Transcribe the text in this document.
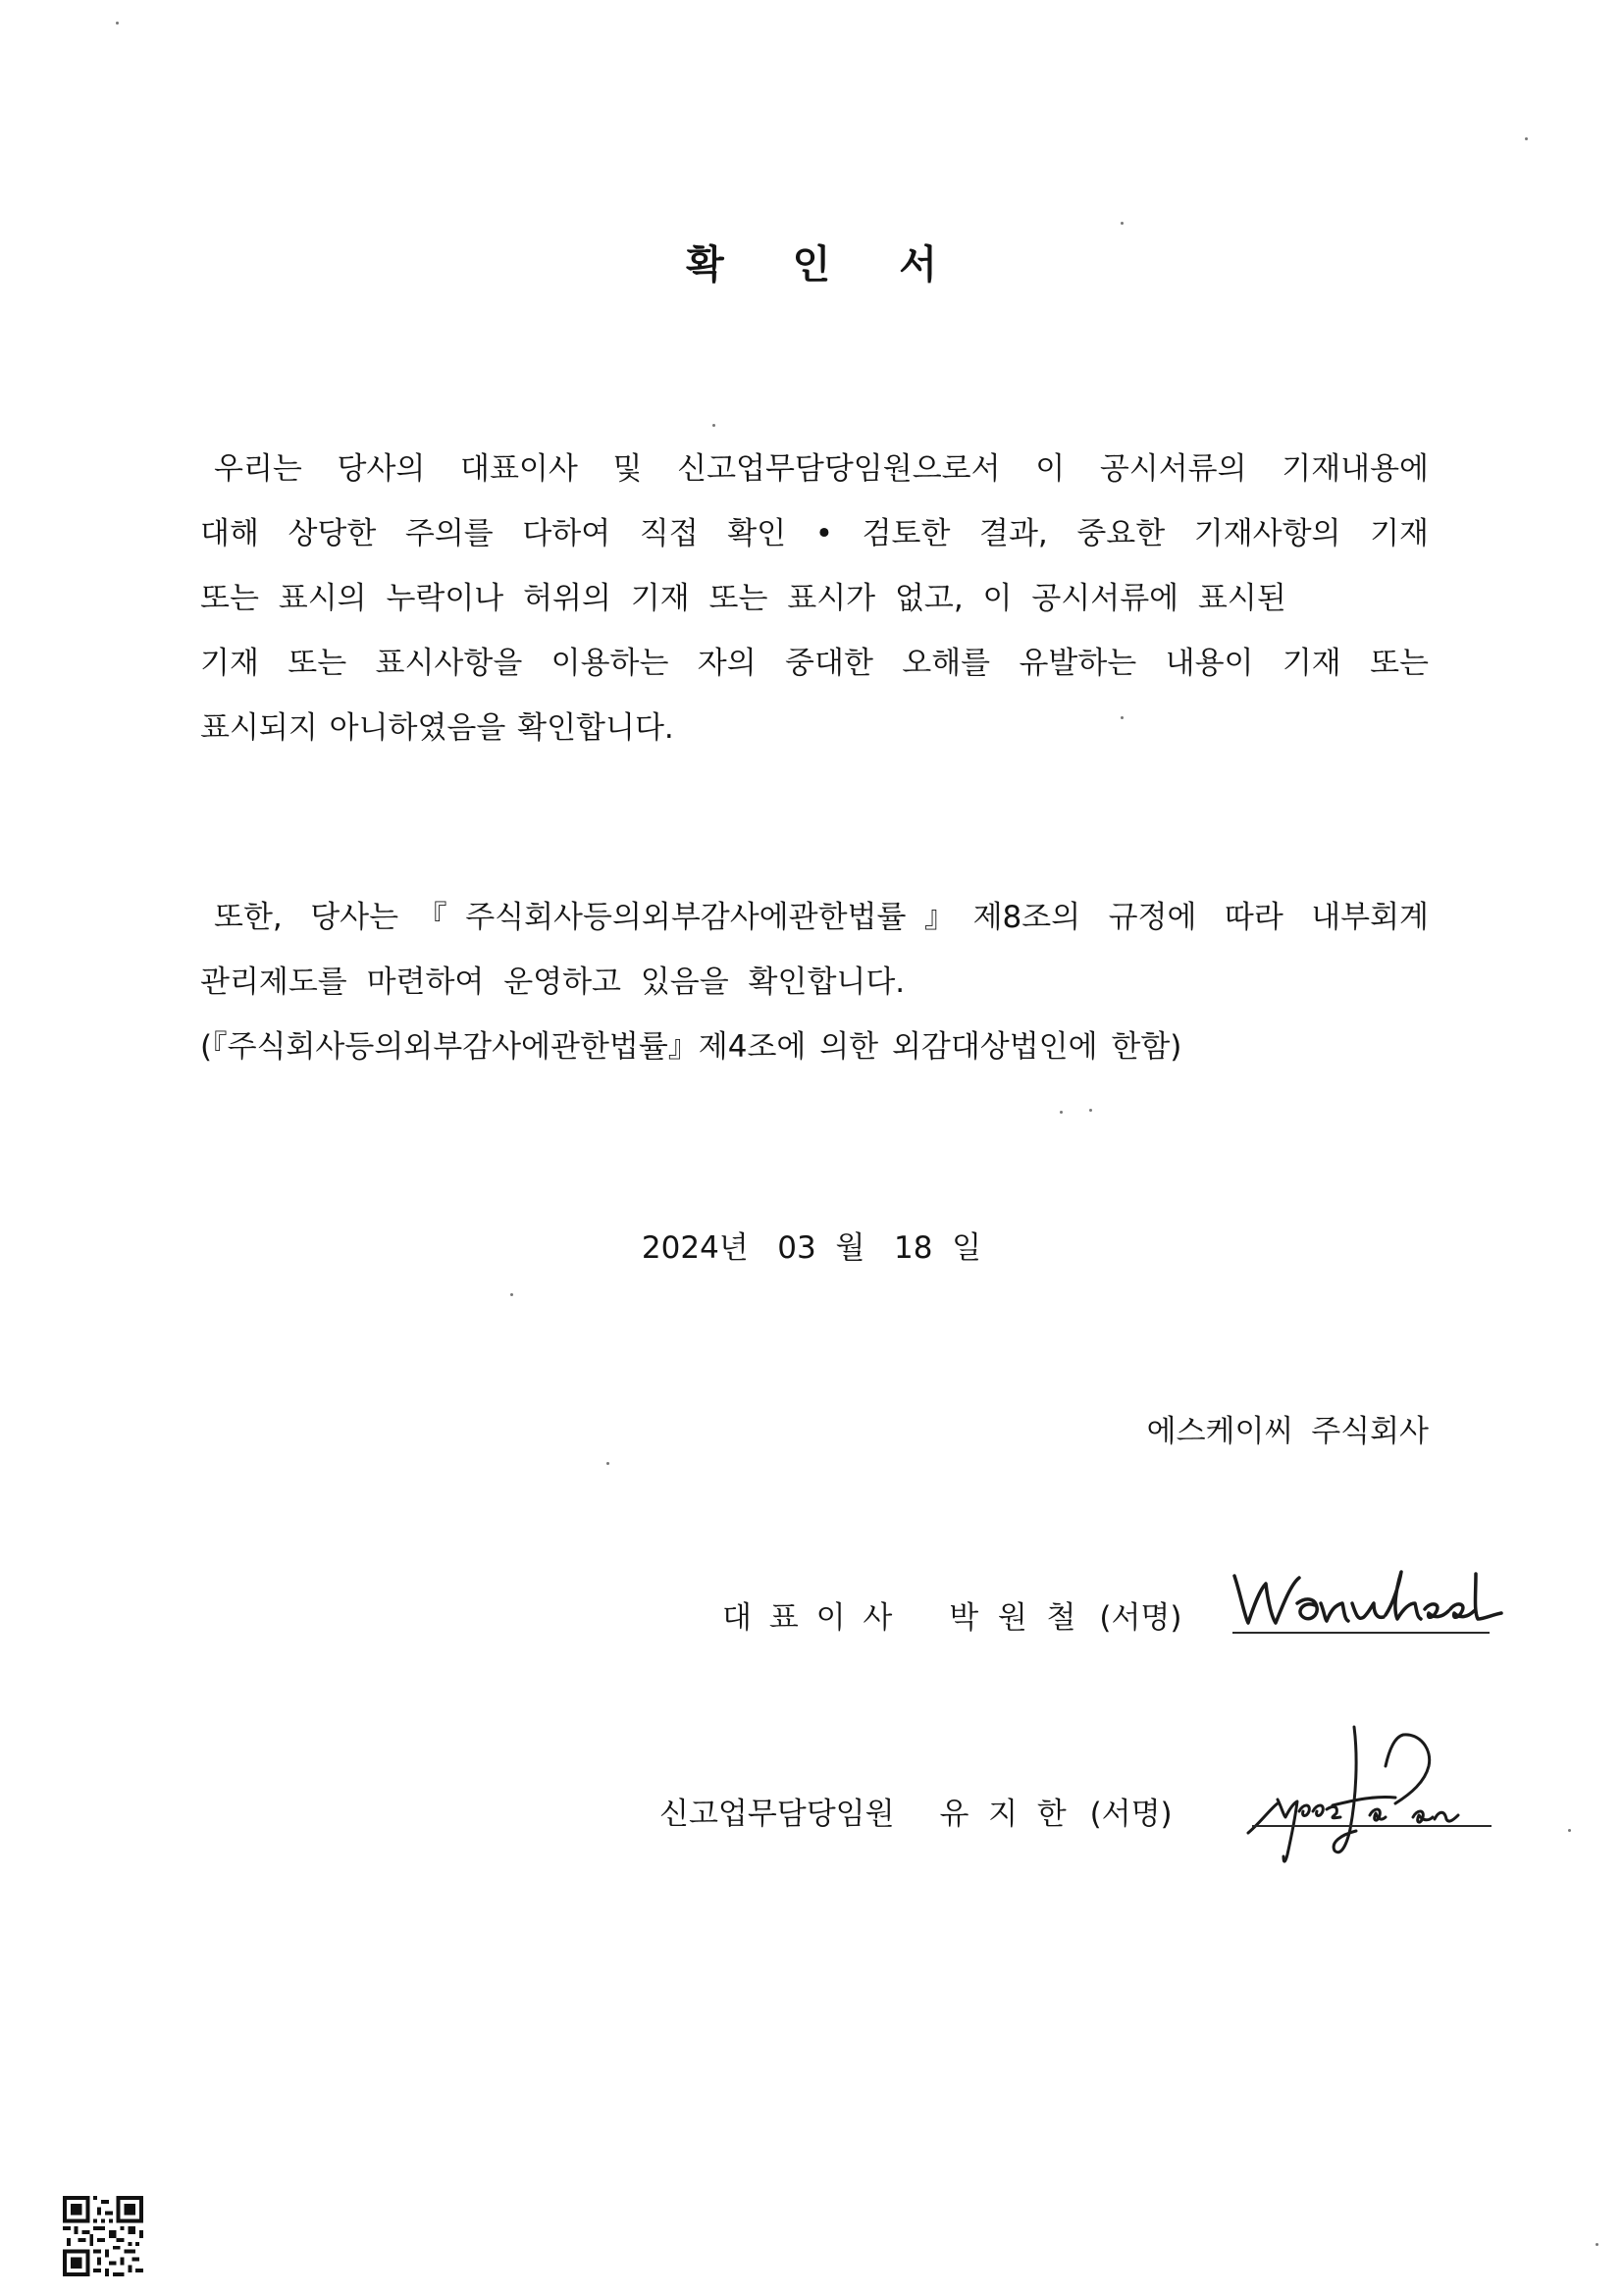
확 인 서
우리는 당사의 대표이사 및 신고업무담당임원으로서 이 공시서류의 기재내용에
대해 상당한 주의를 다하여 직접 확인 • 검토한 결과, 중요한 기재사항의 기재
또는 표시의 누락이나 허위의 기재 또는 표시가 없고, 이 공시서류에 표시된
기재 또는 표시사항을 이용하는 자의 중대한 오해를 유발하는 내용이 기재 또는
표시되지 아니하였음을 확인합니다.
또한, 당사는『주식회사등의외부감사에관한법률』제8조의 규정에 따라 내부회계
관리제도를 마련하여 운영하고 있음을 확인합니다.
(『주식회사등의외부감사에관한법률』제4조에 의한 외감대상법인에 한함)
2024년   03  월   18  일
에스케이씨 주식회사
대 표 이 사 박  원  철 (서명)
신고업무담당임원 유  지  한 (서명)
